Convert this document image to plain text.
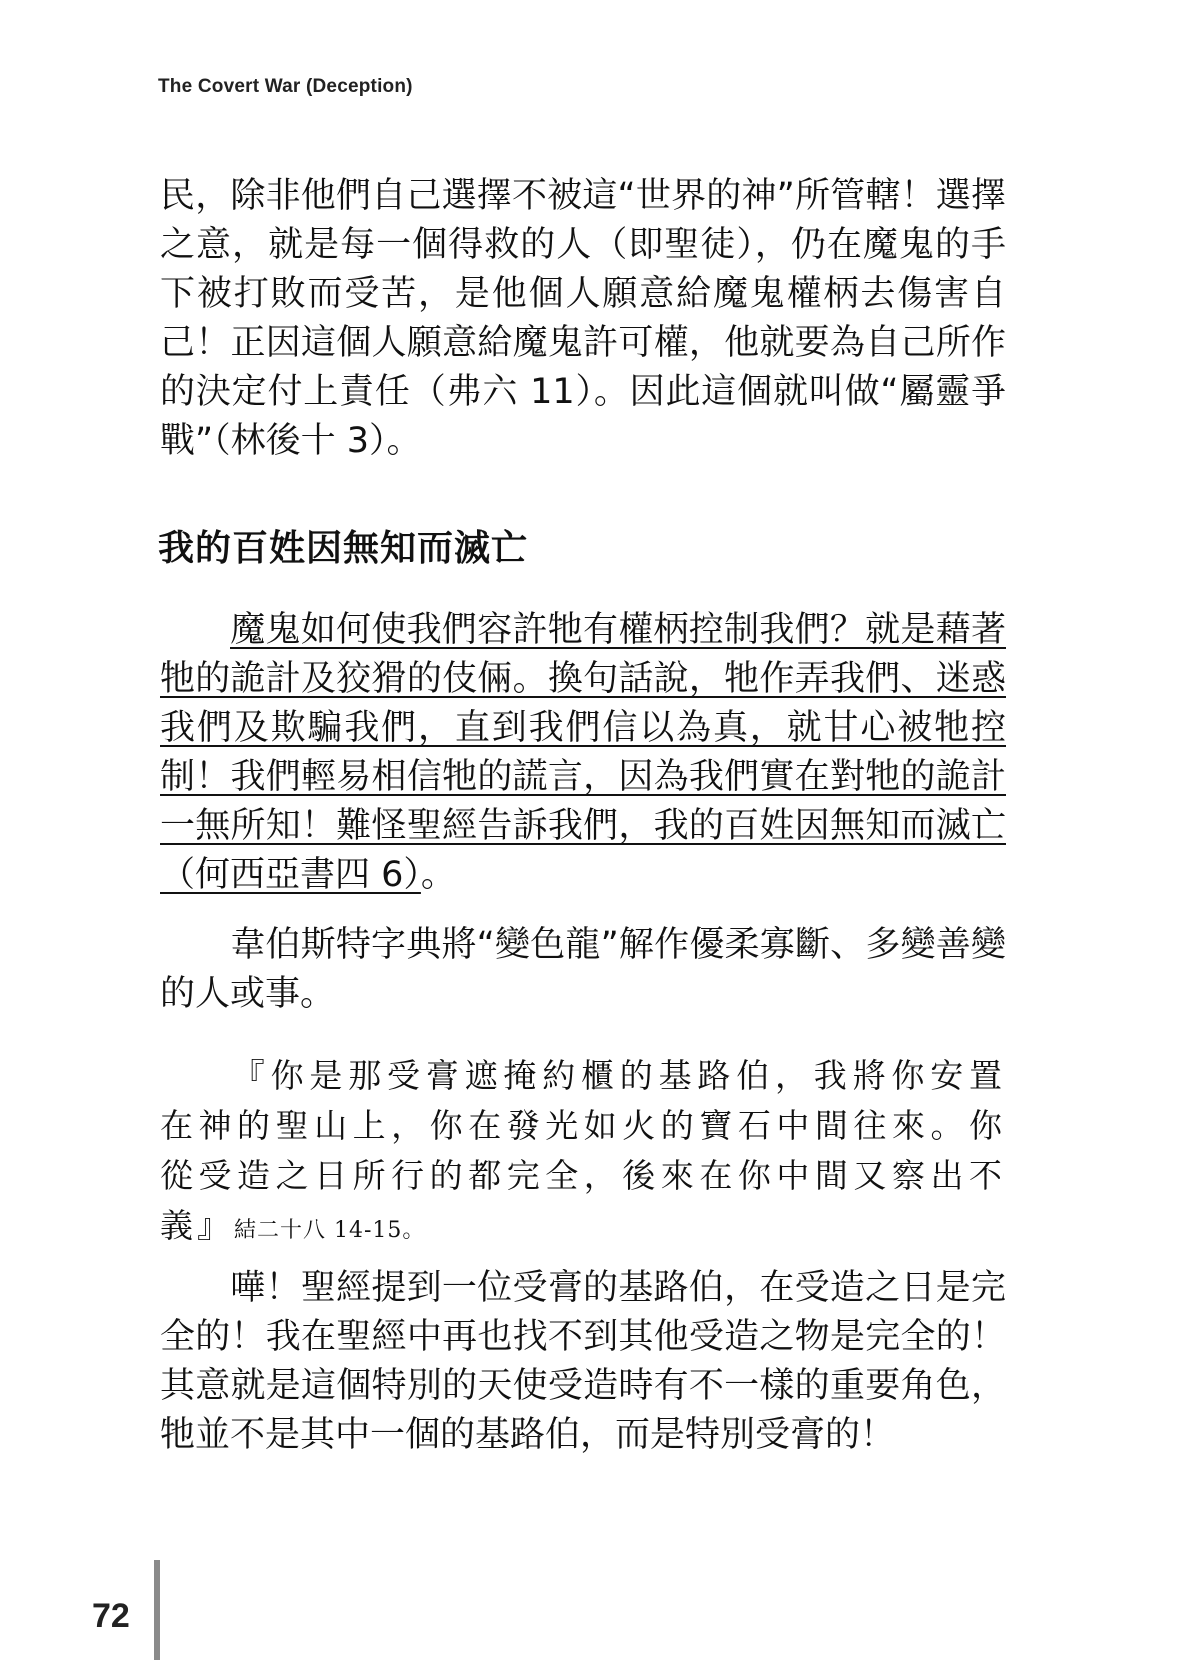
The Covert War (Deception)

民，除非他們自己選擇不被這“世界的神”所管轄！選擇之意，就是每一個得救的人（即聖徒），仍在魔鬼的手下被打敗而受苦，是他個人願意給魔鬼權柄去傷害自己！正因這個人願意給魔鬼許可權，他就要為自己所作的決定付上責任（弗六 11）。因此這個就叫做“屬靈爭戰”（林後十 3）。

我的百姓因無知而滅亡

魔鬼如何使我們容許牠有權柄控制我們？就是藉著牠的詭計及狡猾的伎倆。換句話說，牠作弄我們、迷惑我們及欺騙我們，直到我們信以為真，就甘心被牠控制！我們輕易相信牠的謊言，因為我們實在對牠的詭計一無所知！難怪聖經告訴我們，我的百姓因無知而滅亡（何西亞書四 6）。

韋伯斯特字典將“變色龍”解作優柔寡斷、多變善變的人或事。

『你是那受膏遮掩約櫃的基路伯，我將你安置在神的聖山上，你在發光如火的寶石中間往來。你從受造之日所行的都完全，後來在你中間又察出不義』結二十八 14-15。

嘩！聖經提到一位受膏的基路伯，在受造之日是完全的！我在聖經中再也找不到其他受造之物是完全的！其意就是這個特別的天使受造時有不一樣的重要角色，牠並不是其中一個的基路伯，而是特別受膏的！

72
